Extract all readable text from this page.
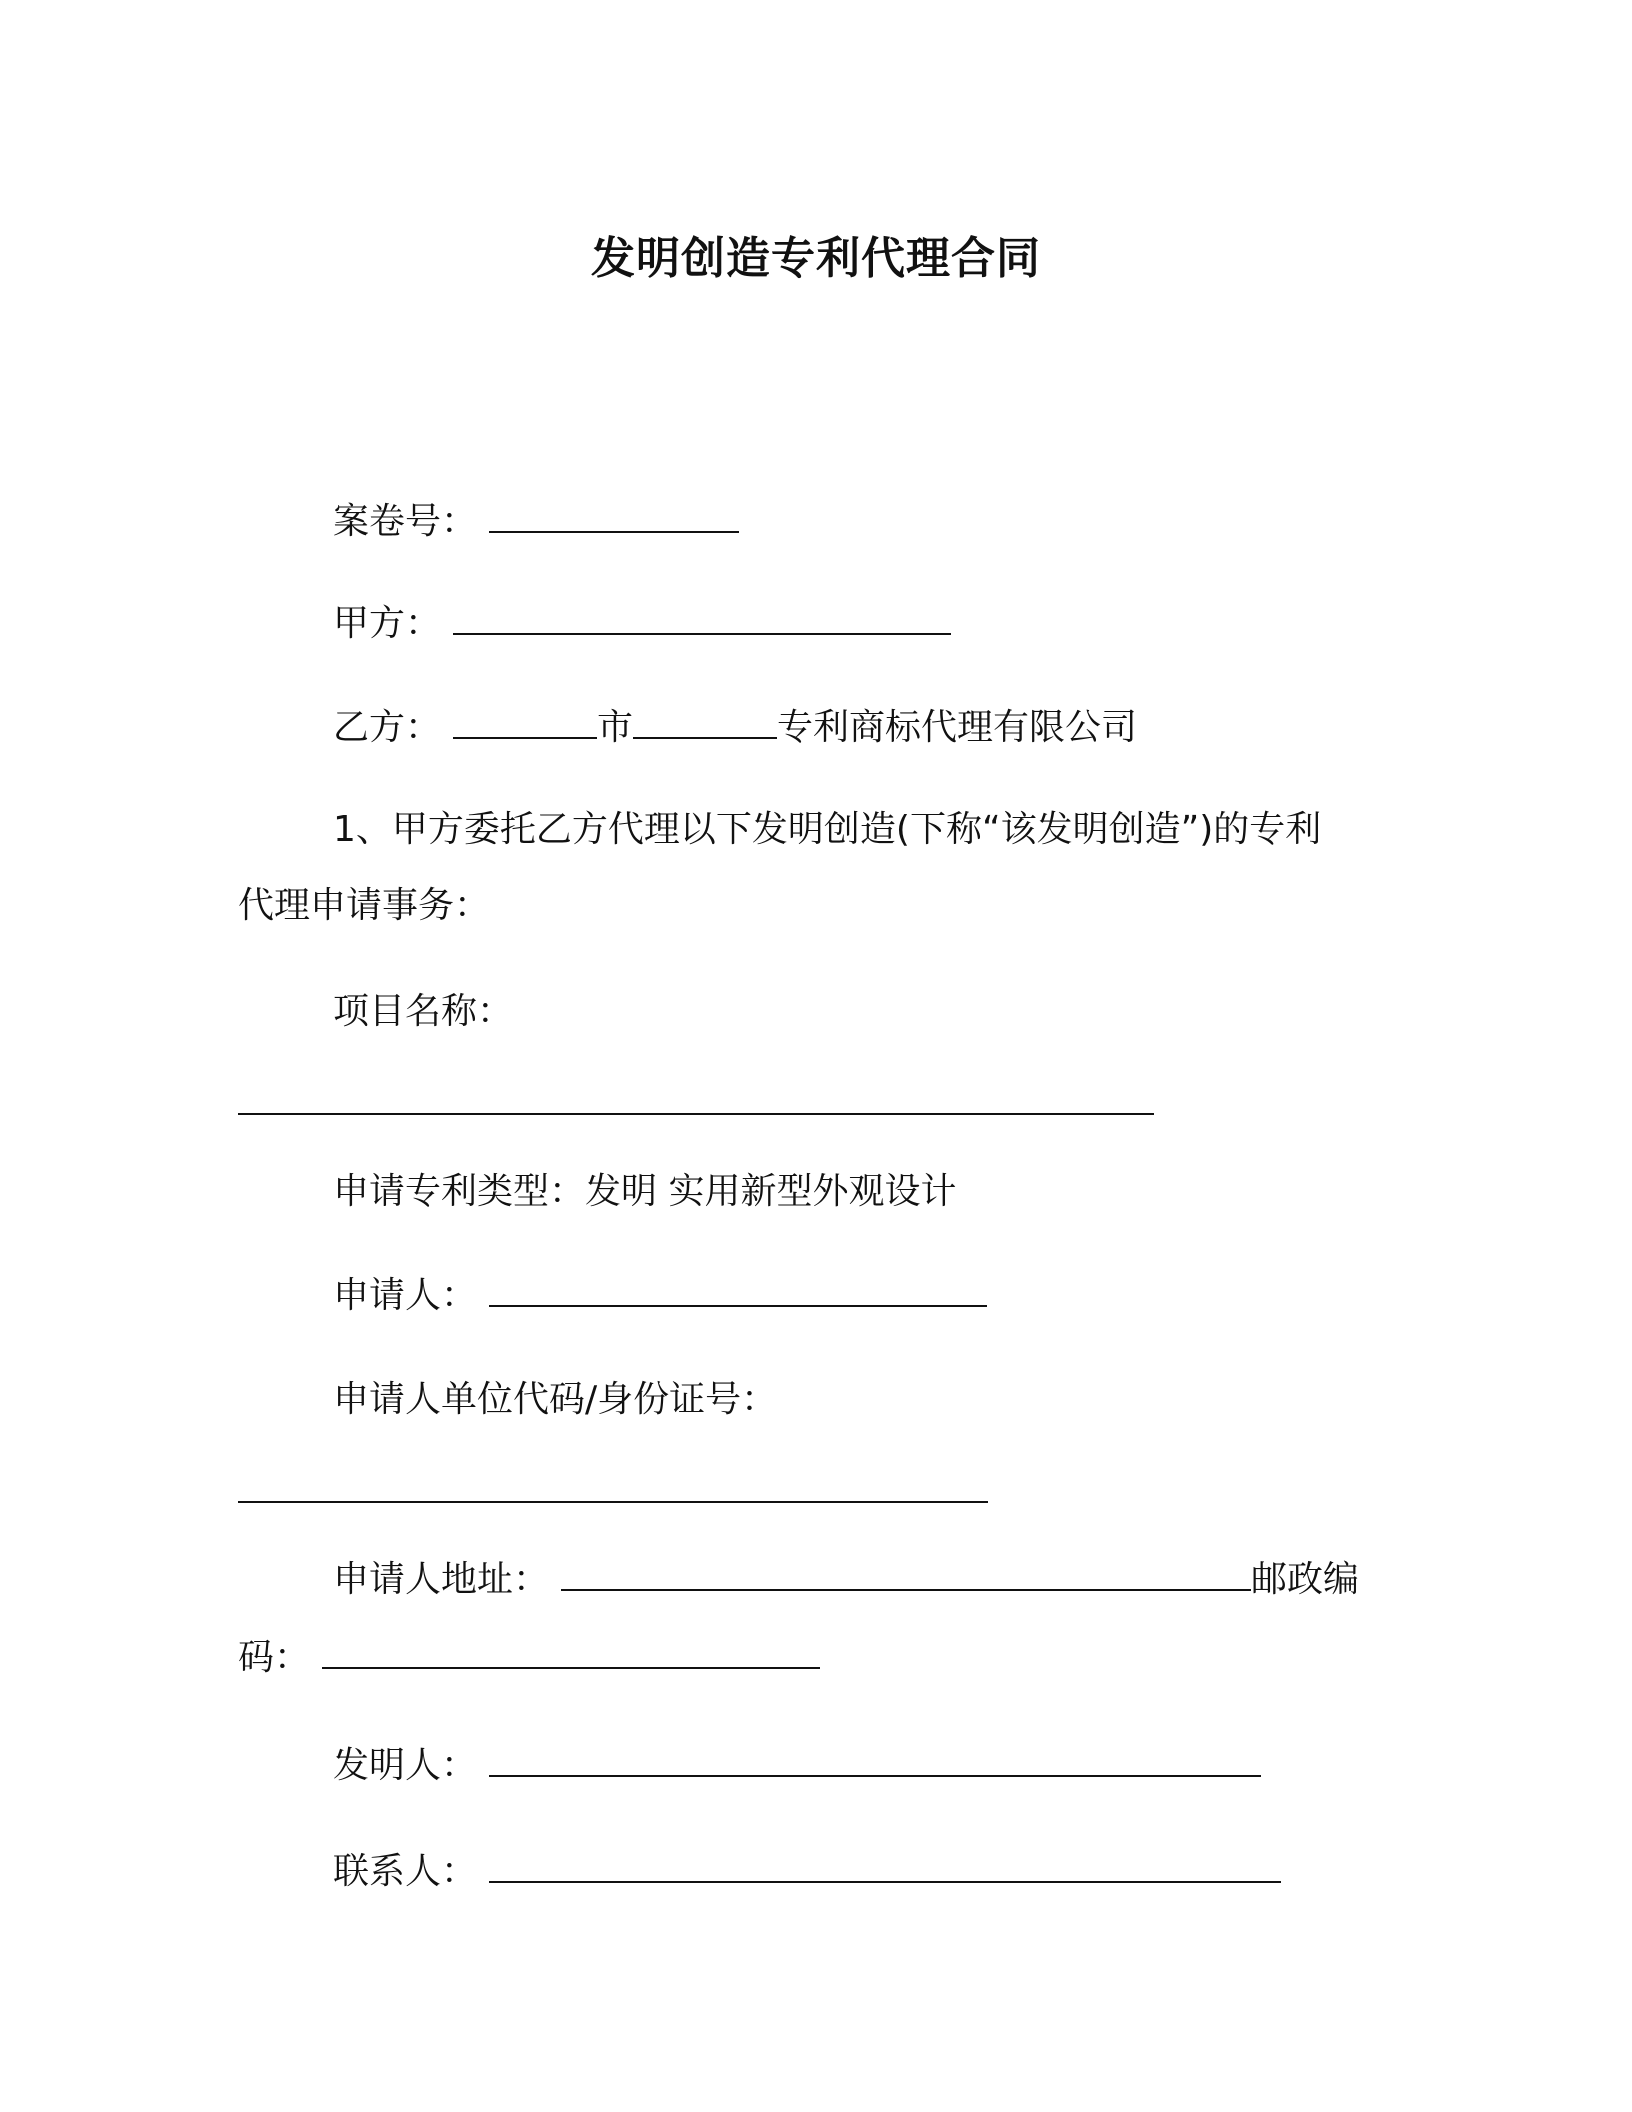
发明创造专利代理合同
案卷号：
甲方：
乙方：	市	专利商标代理有限公司
1、甲方委托乙方代理以下发明创造(下称“该发明创造”)的专利
代理申请事务：
项目名称：
申请专利类型：发明 实用新型外观设计
申请人：
申请人单位代码/身份证号：
申请人地址：	邮政编
码：
发明人：
联系人：
